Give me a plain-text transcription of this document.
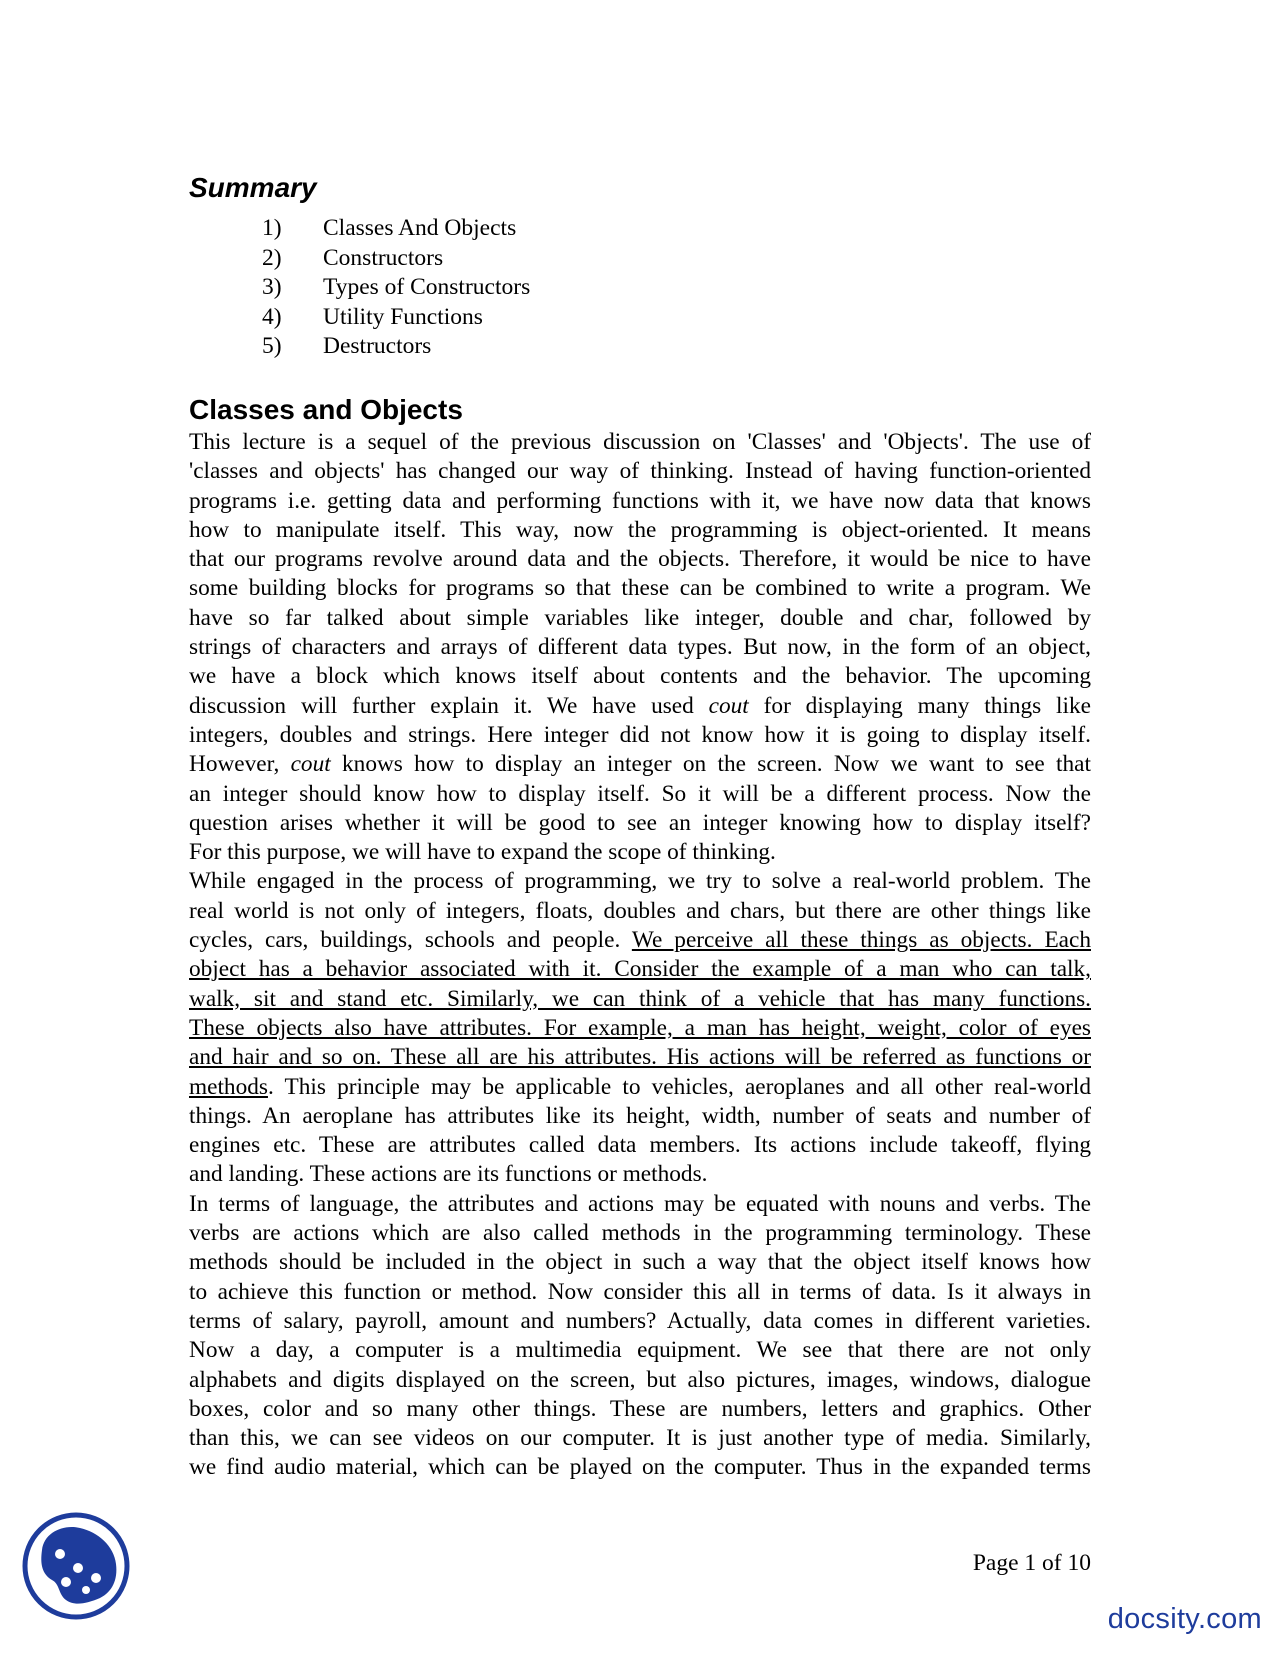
Summary
1) Classes And Objects
2) Constructors
3) Types of Constructors
4) Utility Functions
5) Destructors
Classes and Objects
This lecture is a sequel of the previous discussion on 'Classes' and 'Objects'. The use of
'classes and objects' has changed our way of thinking. Instead of having function-oriented
programs i.e. getting data and performing functions with it, we have now data that knows
how to manipulate itself. This way, now the programming is object-oriented. It means
that our programs revolve around data and the objects. Therefore, it would be nice to have
some building blocks for programs so that these can be combined to write a program. We
have so far talked about simple variables like integer, double and char, followed by
strings of characters and arrays of different data types. But now, in the form of an object,
we have a block which knows itself about contents and the behavior. The upcoming
discussion will further explain it. We have used cout for displaying many things like
integers, doubles and strings. Here integer did not know how it is going to display itself.
However, cout knows how to display an integer on the screen. Now we want to see that
an integer should know how to display itself. So it will be a different process. Now the
question arises whether it will be good to see an integer knowing how to display itself?
For this purpose, we will have to expand the scope of thinking.
While engaged in the process of programming, we try to solve a real-world problem. The
real world is not only of integers, floats, doubles and chars, but there are other things like
cycles, cars, buildings, schools and people. We perceive all these things as objects. Each
object has a behavior associated with it. Consider the example of a man who can talk,
walk, sit and stand etc. Similarly, we can think of a vehicle that has many functions.
These objects also have attributes. For example, a man has height, weight, color of eyes
and hair and so on. These all are his attributes. His actions will be referred as functions or
methods. This principle may be applicable to vehicles, aeroplanes and all other real-world
things. An aeroplane has attributes like its height, width, number of seats and number of
engines etc. These are attributes called data members. Its actions include takeoff, flying
and landing. These actions are its functions or methods.
In terms of language, the attributes and actions may be equated with nouns and verbs. The
verbs are actions which are also called methods in the programming terminology. These
methods should be included in the object in such a way that the object itself knows how
to achieve this function or method. Now consider this all in terms of data. Is it always in
terms of salary, payroll, amount and numbers? Actually, data comes in different varieties.
Now a day, a computer is a multimedia equipment. We see that there are not only
alphabets and digits displayed on the screen, but also pictures, images, windows, dialogue
boxes, color and so many other things. These are numbers, letters and graphics. Other
than this, we can see videos on our computer. It is just another type of media. Similarly,
we find audio material, which can be played on the computer. Thus in the expanded terms
Page 1 of 10
docsity.com
